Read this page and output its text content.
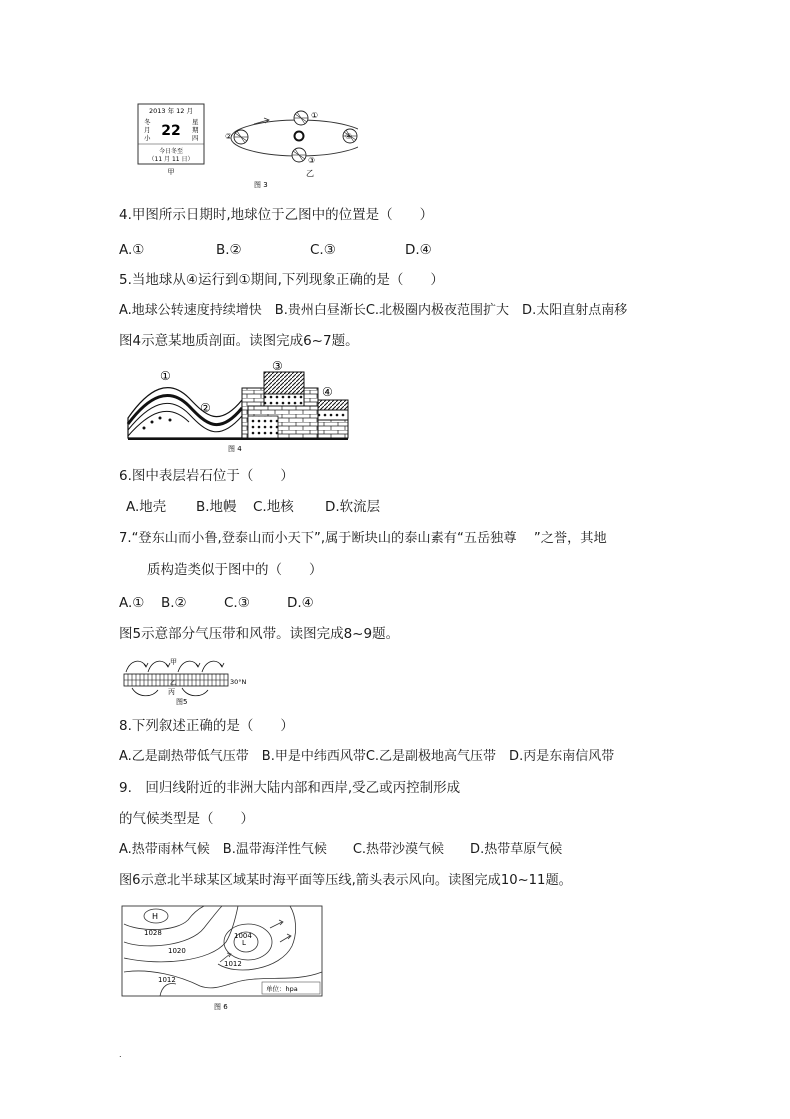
2013 年 12 月
冬
月
小 22
星
期
四
今日冬至
（11 月 11 日）
甲
①
②
③
乙
图 3
④
4.甲图所示日期时,地球位于乙图中的位置是（　　）
A.①	B.②	C.③	D.④
5.当地球从④运行到①期间,下列现象正确的是（　　）
A.地球公转速度持续增快　B.贵州白昼渐长C.北极圈内极夜范围扩大　D.太阳直射点南移
图4示意某地质剖面。读图完成6~7题。
①
②
③
④
图 4
6.图中表层岩石位于（　　）
A.地壳 B.地幔 C.地核 D.软流层
7.“登东山而小鲁,登泰山而小天下”,属于断块山的泰山素有“五岳独尊　 ”之誉，其地
质构造类似于图中的（　　）
A.① B.②	C.③	D.④
图5示意部分气压带和风带。读图完成8~9题。
甲
乙
丙
30°N
图5
8.下列叙述正确的是（　　）
A.乙是副热带低气压带　B.甲是中纬西风带C.乙是副极地高气压带　D.丙是东南信风带
9.　回归线附近的非洲大陆内部和西岸,受乙或丙控制形成
的气候类型是（　　）
A.热带雨林气候　B.温带海洋性气候　　C.热带沙漠气候　　D.热带草原气候
图6示意北半球某区域某时海平面等压线,箭头表示风向。读图完成10~11题。
H
L
1028
1020
1004
1012
1012
单位：hpa
图 6
.
